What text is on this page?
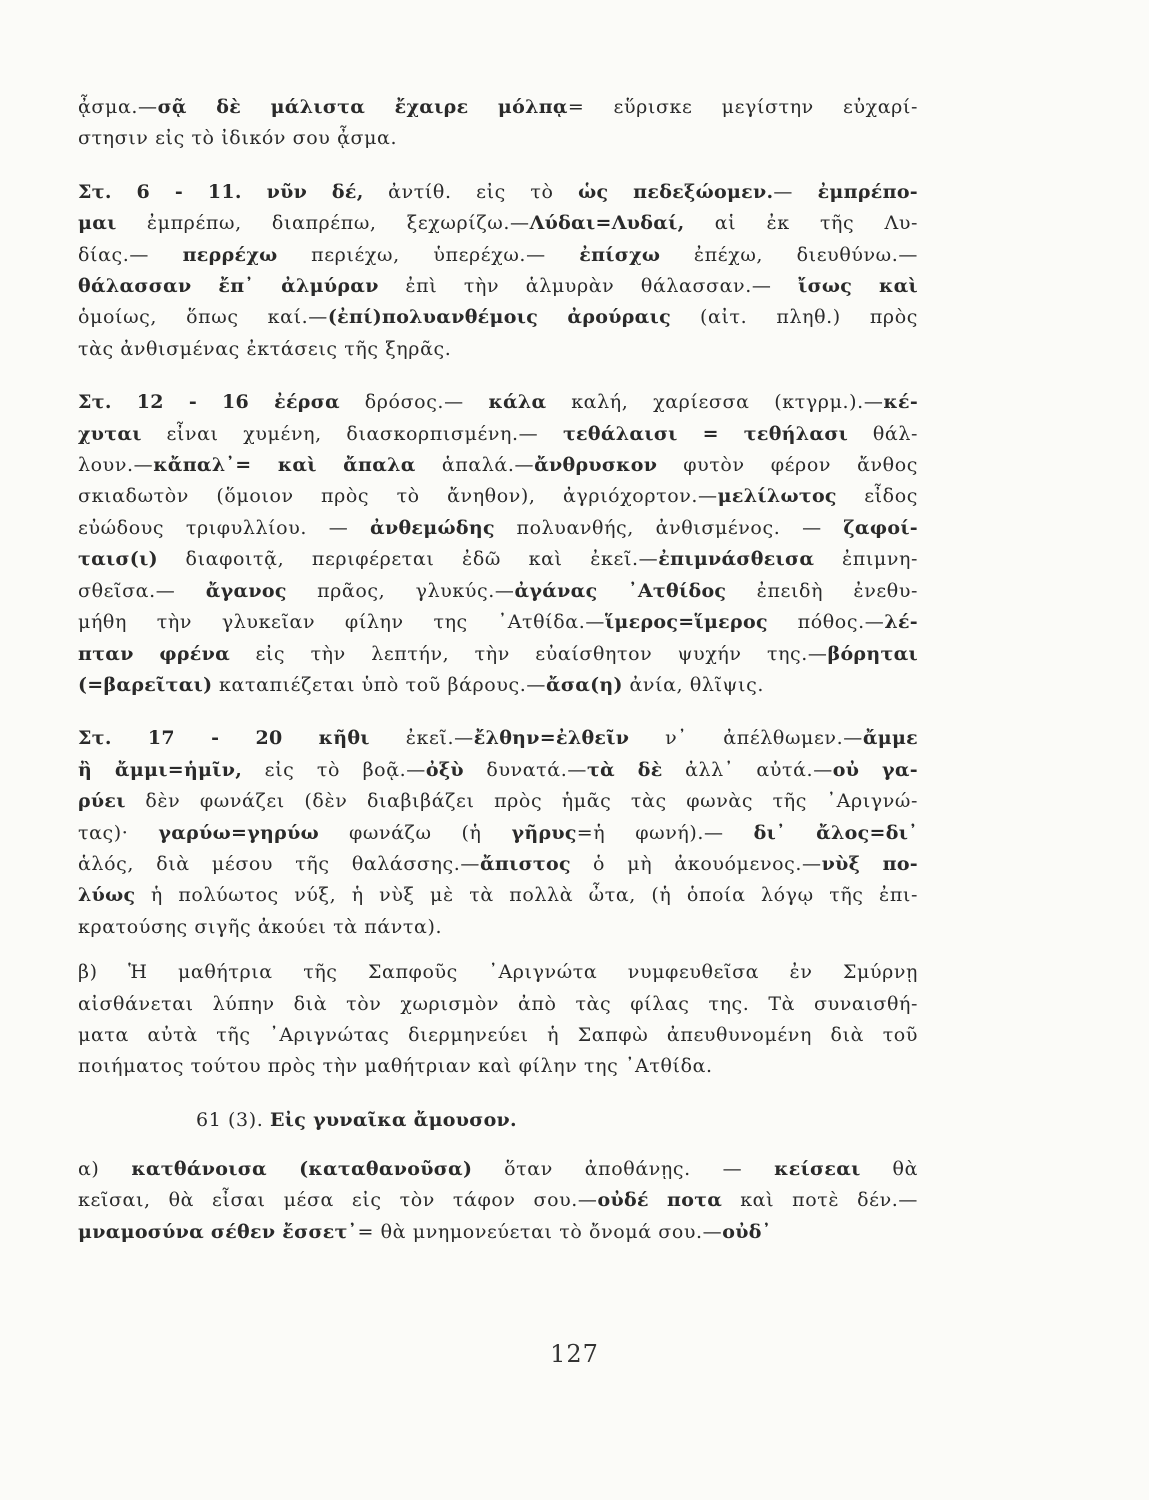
ᾆσμα.—σᾷ δὲ μάλιστα ἔχαιρε μόλπᾳ= εὕρισκε μεγίστην εὐχαρί-
στησιν εἰς τὸ ἰδικόν σου ᾆσμα.

Στ. 6 - 11. νῦν δέ, ἀντίθ. εἰς τὸ ὡς πεδεξώομεν.— ἐμπρέπο-
μαι ἐμπρέπω, διαπρέπω, ξεχωρίζω.—Λύδαι=Λυδαί, αἱ ἐκ τῆς Λυ-
δίας.— περρέχω περιέχω, ὑπερέχω.— ἐπίσχω ἐπέχω, διευθύνω.—
θάλασσαν ἔπ᾽ ἀλμύραν ἐπὶ τὴν ἁλμυρὰν θάλασσαν.— ἴσως καὶ
ὁμοίως, ὅπως καί.—(ἐπί)πολυανθέμοις ἀρούραις (αἰτ. πληθ.) πρὸς
τὰς ἀνθισμένας ἐκτάσεις τῆς ξηρᾶς.

Στ. 12 - 16 ἐέρσα δρόσος.— κάλα καλή, χαρίεσσα (κτγρμ.).—κέ-
χυται εἶναι χυμένη, διασκορπισμένη.— τεθάλαισι = τεθήλασι θάλ-
λουν.—κἄπαλ᾽= καὶ ἄπαλα ἁπαλά.—ἄνθρυσκον φυτὸν φέρον ἄνθος
σκιαδωτὸν (ὅμοιον πρὸς τὸ ἄνηθον), ἀγριόχορτον.—μελίλωτος εἶδος
εὐώδους τριφυλλίου. — ἀνθεμώδης πολυανθής, ἀνθισμένος. — ζαφοί-
ταισ(ι) διαφοιτᾷ, περιφέρεται ἐδῶ καὶ ἐκεῖ.—ἐπιμνάσθεισα ἐπιμνη-
σθεῖσα.— ἄγανος πρᾶος, γλυκύς.—ἀγάνας ᾿Ατθίδος ἐπειδὴ ἐνεθυ-
μήθη τὴν γλυκεῖαν φίλην της ᾿Ατθίδα.—ἵμερος=ἵμερος πόθος.—λέ-
πταν φρένα εἰς τὴν λεπτήν, τὴν εὐαίσθητον ψυχήν της.—βόρηται
(=βαρεῖται) καταπιέζεται ὑπὸ τοῦ βάρους.—ἄσα(η) ἀνία, θλῖψις.

Στ. 17 - 20 κῆθι ἐκεῖ.—ἔλθην=ἐλθεῖν ν᾽ ἀπέλθωμεν.—ἄμμε
ἢ ἄμμι=ἡμῖν, εἰς τὸ βοᾷ.—ὀξὺ δυνατά.—τὰ δὲ ἀλλ᾽ αὐτά.—οὐ γα-
ρύει δὲν φωνάζει (δὲν διαβιβάζει πρὸς ἡμᾶς τὰς φωνὰς τῆς ᾿Αριγνώ-
τας)· γαρύω=γηρύω φωνάζω (ἡ γῆρυς=ἡ φωνή).— δι᾽ ἄλος=δι᾽
ἁλός, διὰ μέσου τῆς θαλάσσης.—ἄπιστος ὁ μὴ ἀκουόμενος.—νὺξ πο-
λύως ἡ πολύωτος νύξ, ἡ νὺξ μὲ τὰ πολλὰ ὦτα, (ἡ ὁποία λόγῳ τῆς ἐπι-
κρατούσης σιγῆς ἀκούει τὰ πάντα).

β) Ἡ μαθήτρια τῆς Σαπφοῦς ᾿Αριγνώτα νυμφευθεῖσα ἐν Σμύρνῃ
αἰσθάνεται λύπην διὰ τὸν χωρισμὸν ἀπὸ τὰς φίλας της. Τὰ συναισθή-
ματα αὐτὰ τῆς ᾿Αριγνώτας διερμηνεύει ἡ Σαπφὼ ἀπευθυνομένη διὰ τοῦ
ποιήματος τούτου πρὸς τὴν μαθήτριαν καὶ φίλην της ᾿Ατθίδα.

61 (3). Εἰς γυναῖκα ἄμουσον.

α) κατθάνοισα (καταθανοῦσα) ὅταν ἀποθάνῃς. — κείσεαι θὰ
κεῖσαι, θὰ εἶσαι μέσα εἰς τὸν τάφον σου.—οὐδέ ποτα καὶ ποτὲ δέν.—
μναμοσύνα σέθεν ἔσσετ᾽= θὰ μνημονεύεται τὸ ὄνομά σου.—οὐδ᾽

127
